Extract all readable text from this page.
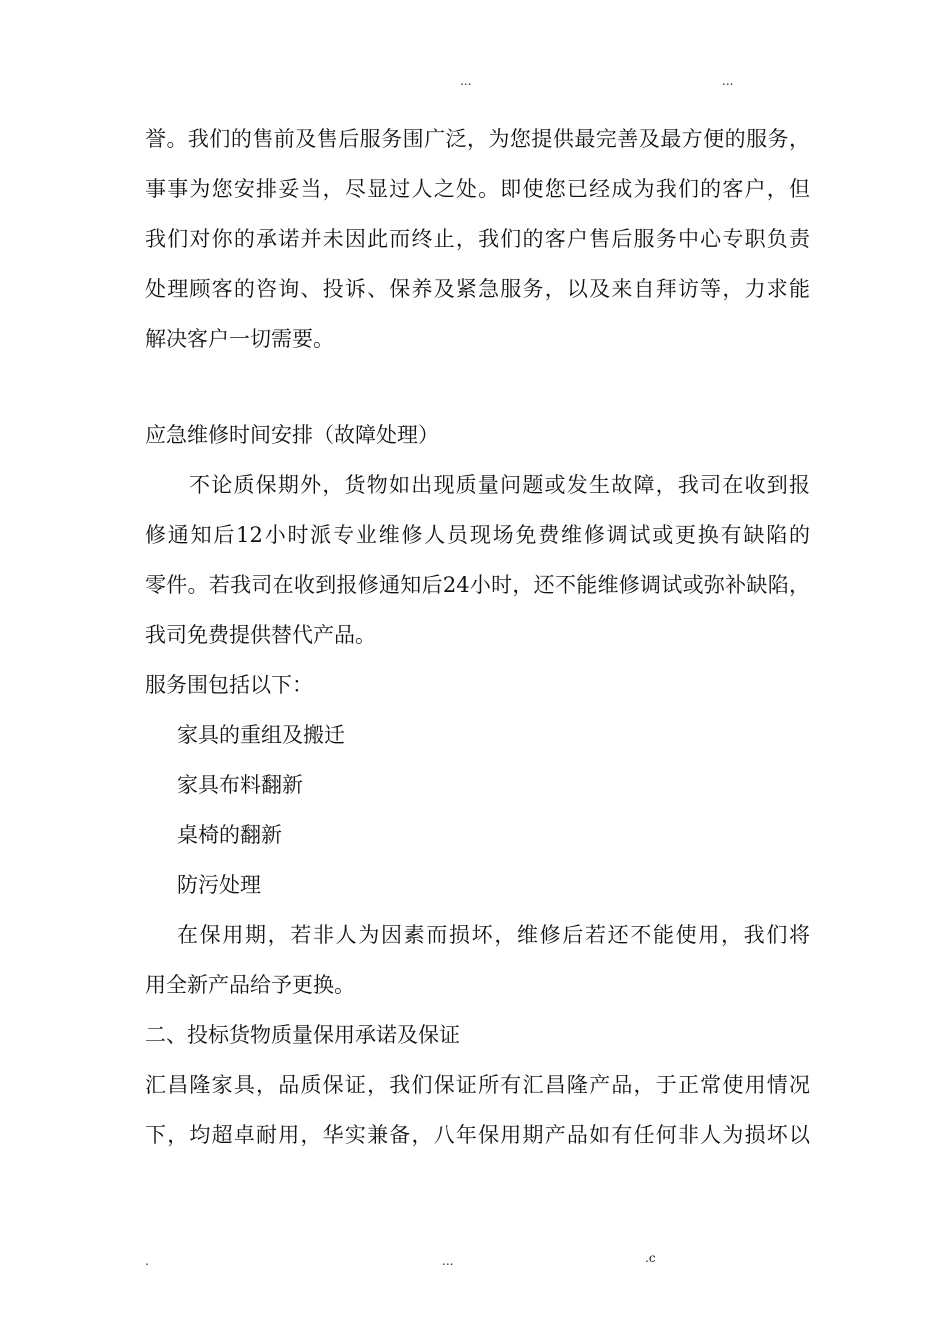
...	...

誉。我们的售前及售后服务围广泛，为您提供最完善及最方便的服务，

事事为您安排妥当，尽显过人之处。即使您已经成为我们的客户，但

我们对你的承诺并未因此而终止，我们的客户售后服务中心专职负责

处理顾客的咨询、投诉、保养及紧急服务，以及来自拜访等，力求能

解决客户一切需要。

应急维修时间安排（故障处理）

不论质保期外，货物如出现质量问题或发生故障，我司在收到报

修通知后12小时派专业维修人员现场免费维修调试或更换有缺陷的

零件。若我司在收到报修通知后24小时，还不能维修调试或弥补缺陷，

我司免费提供替代产品。

服务围包括以下：

家具的重组及搬迁

家具布料翻新

桌椅的翻新

防污处理

在保用期，若非人为因素而损坏，维修后若还不能使用，我们将

用全新产品给予更换。

二、投标货物质量保用承诺及保证

汇昌隆家具，品质保证，我们保证所有汇昌隆产品，于正常使用情况

下，均超卓耐用，华实兼备，八年保用期产品如有任何非人为损坏以

.	...	.c
